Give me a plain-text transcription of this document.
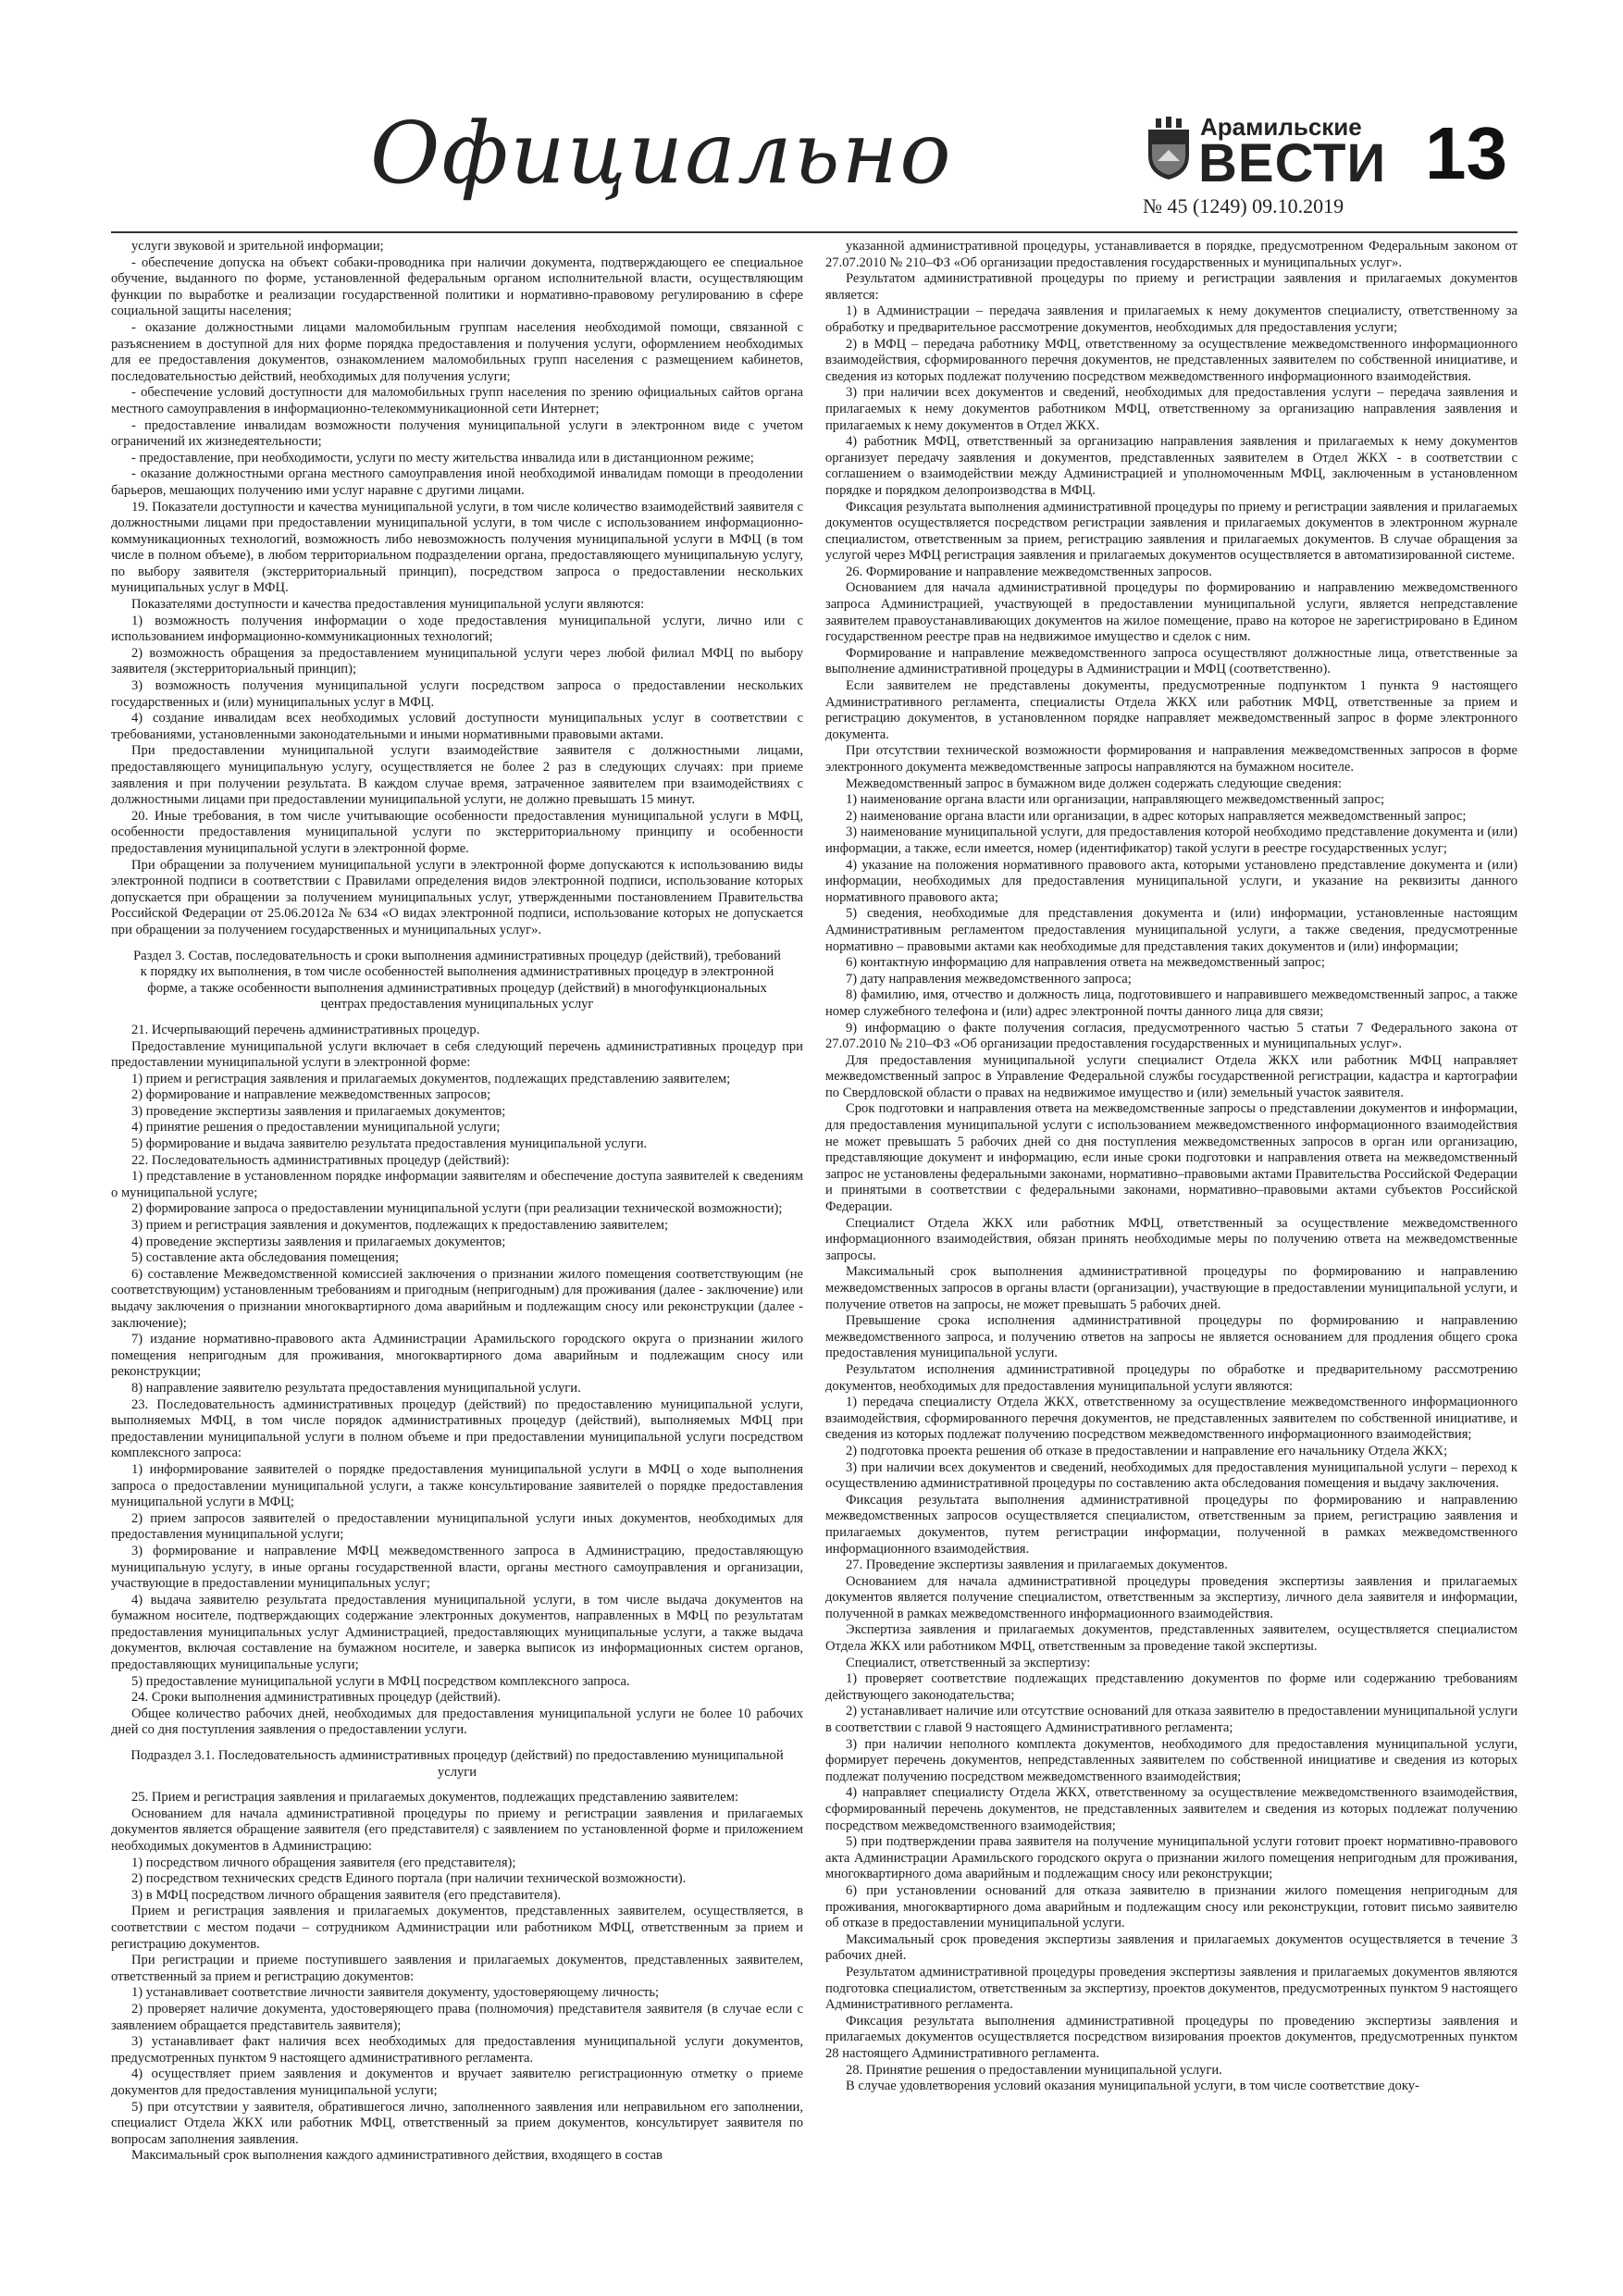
Официально	Арамильские
ВЕСТИ
№ 45 (1249) 09.10.2019
13

услуги звуковой и зрительной информации;

- обеспечение допуска на объект собаки-проводника при наличии документа, подтверждающего ее специальное обучение, выданного по форме, установленной федеральным органом исполнительной власти, осуществляющим функции по выработке и реализации государственной политики и нормативно-правовому регулированию в сфере социальной защиты населения;

- оказание должностными лицами маломобильным группам населения необходимой помощи, связанной с разъяснением в доступной для них форме порядка предоставления и получения услуги, оформлением необходимых для ее предоставления документов, ознакомлением маломобильных групп населения с размещением кабинетов, последовательностью действий, необходимых для получения услуги;

- обеспечение условий доступности для маломобильных групп населения по зрению официальных сайтов органа местного самоуправления в информационно-телекоммуникационной сети Интернет;

- предоставление инвалидам возможности получения муниципальной услуги в электронном виде с учетом ограничений их жизнедеятельности;

- предоставление, при необходимости, услуги по месту жительства инвалида или в дистанционном режиме;

- оказание должностными органа местного самоуправления иной необходимой инвалидам помощи в преодолении барьеров, мешающих получению ими услуг наравне с другими лицами.

19. Показатели доступности и качества муниципальной услуги, в том числе количество взаимодействий заявителя с должностными лицами при предоставлении муниципальной услуги, в том числе с использованием информационно-коммуникационных технологий, возможность либо невозможность получения муниципальной услуги в МФЦ (в том числе в полном объеме), в любом территориальном подразделении органа, предоставляющего муниципальную услугу, по выбору заявителя (экстерриториальный принцип), посредством запроса о предоставлении нескольких муниципальных услуг в МФЦ.

Показателями доступности и качества предоставления муниципальной услуги являются:

1) возможность получения информации о ходе предоставления муниципальной услуги, лично или с использованием информационно-коммуникационных технологий;

2) возможность обращения за предоставлением муниципальной услуги через любой филиал МФЦ по выбору заявителя (экстерриториальный принцип);

3) возможность получения муниципальной услуги посредством запроса о предоставлении нескольких государственных и (или) муниципальных услуг в МФЦ.

4) создание инвалидам всех необходимых условий доступности муниципальных услуг в соответствии с требованиями, установленными законодательными и иными нормативными правовыми актами.

При предоставлении муниципальной услуги взаимодействие заявителя с должностными лицами, предоставляющего муниципальную услугу, осуществляется не более 2 раз в следующих случаях: при приеме заявления и при получении результата. В каждом случае время, затраченное заявителем при взаимодействиях с должностными лицами при предоставлении муниципальной услуги, не должно превышать 15 минут.

20. Иные требования, в том числе учитывающие особенности предоставления муниципальной услуги в МФЦ, особенности предоставления муниципальной услуги по экстерриториальному принципу и особенности предоставления муниципальной услуги в электронной форме.

При обращении за получением муниципальной услуги в электронной форме допускаются к использованию виды электронной подписи в соответствии с Правилами определения видов электронной подписи, использование которых допускается при обращении за получением муниципальных услуг, утвержденными постановлением Правительства Российской Федерации от 25.06.2012а № 634 «О видах электронной подписи, использование которых не допускается при обращении за получением государственных и муниципальных услуг».

Раздел 3. Состав, последовательность и сроки выполнения административных процедур (действий), требований к порядку их выполнения, в том числе особенностей выполнения административных процедур в электронной форме, а также особенности выполнения административных процедур (действий) в многофункциональных центрах предоставления муниципальных услуг

21. Исчерпывающий перечень административных процедур.

Предоставление муниципальной услуги включает в себя следующий перечень административных процедур при предоставлении муниципальной услуги в электронной форме:

1) прием и регистрация заявления и прилагаемых документов, подлежащих представлению заявителем;

2) формирование и направление межведомственных запросов;

3) проведение экспертизы заявления и прилагаемых документов;

4) принятие решения о предоставлении муниципальной услуги;

5) формирование и выдача заявителю результата предоставления муниципальной услуги.

22. Последовательность административных процедур (действий):

1) представление в установленном порядке информации заявителям и обеспечение доступа заявителей к сведениям о муниципальной услуге;

2) формирование запроса о предоставлении муниципальной услуги (при реализации технической возможности);

3) прием и регистрация заявления и документов, подлежащих к предоставлению заявителем;

4) проведение экспертизы заявления и прилагаемых документов;

5) составление акта обследования помещения;

6) составление Межведомственной комиссией заключения о признании жилого помещения соответствующим (не соответствующим) установленным требованиям и пригодным (непригодным) для проживания (далее - заключение) или выдачу заключения о признании многоквартирного дома аварийным и подлежащим сносу или реконструкции (далее - заключение);

7) издание нормативно-правового акта Администрации Арамильского городского округа о признании жилого помещения непригодным для проживания, многоквартирного дома аварийным и подлежащим сносу или реконструкции;

8) направление заявителю результата предоставления муниципальной услуги.

23. Последовательность административных процедур (действий) по предоставлению муниципальной услуги, выполняемых МФЦ, в том числе порядок административных процедур (действий), выполняемых МФЦ при предоставлении муниципальной услуги в полном объеме и при предоставлении муниципальной услуги посредством комплексного запроса:

1) информирование заявителей о порядке предоставления муниципальной услуги в МФЦ о ходе выполнения запроса о предоставлении муниципальной услуги, а также консультирование заявителей о порядке предоставления муниципальной услуги в МФЦ;

2) прием запросов заявителей о предоставлении муниципальной услуги иных документов, необходимых для предоставления муниципальной услуги;

3) формирование и направление МФЦ межведомственного запроса в Администрацию, предоставляющую муниципальную услугу, в иные органы государственной власти, органы местного самоуправления и организации, участвующие в предоставлении муниципальных услуг;

4) выдача заявителю результата предоставления муниципальной услуги, в том числе выдача документов на бумажном носителе, подтверждающих содержание электронных документов, направленных в МФЦ по результатам предоставления муниципальных услуг Администрацией, предоставляющих муниципальные услуги, а также выдача документов, включая составление на бумажном носителе, и заверка выписок из информационных систем органов, предоставляющих муниципальные услуги;

5) предоставление муниципальной услуги в МФЦ посредством комплексного запроса.

24. Сроки выполнения административных процедур (действий).

Общее количество рабочих дней, необходимых для предоставления муниципальной услуги не более 10 рабочих дней со дня поступления заявления о предоставлении услуги.

Подраздел 3.1. Последовательность административных процедур (действий) по предоставлению муниципальной услуги

25. Прием и регистрация заявления и прилагаемых документов, подлежащих представлению заявителем:

Основанием для начала административной процедуры по приему и регистрации заявления и прилагаемых документов является обращение заявителя (его представителя) с заявлением по установленной форме и приложением необходимых документов в Администрацию:

1) посредством личного обращения заявителя (его представителя);

2) посредством технических средств Единого портала (при наличии технической возможности).

3) в МФЦ посредством личного обращения заявителя (его представителя).

Прием и регистрация заявления и прилагаемых документов, представленных заявителем, осуществляется, в соответствии с местом подачи – сотрудником Администрации или работником МФЦ, ответственным за прием и регистрацию документов.

При регистрации и приеме поступившего заявления и прилагаемых документов, представленных заявителем, ответственный за прием и регистрацию документов:

1) устанавливает соответствие личности заявителя документу, удостоверяющему личность;

2) проверяет наличие документа, удостоверяющего права (полномочия) представителя заявителя (в случае если с заявлением обращается представитель заявителя);

3) устанавливает факт наличия всех необходимых для предоставления муниципальной услуги документов, предусмотренных пунктом 9 настоящего административного регламента.

4) осуществляет прием заявления и документов и вручает заявителю регистрационную отметку о приеме документов для предоставления муниципальной услуги;

5) при отсутствии у заявителя, обратившегося лично, заполненного заявления или неправильном его заполнении, специалист Отдела ЖКХ или работник МФЦ, ответственный за прием документов, консультирует заявителя по вопросам заполнения заявления.

Максимальный срок выполнения каждого административного действия, входящего в состав

указанной административной процедуры, устанавливается в порядке, предусмотренном Федеральным законом от 27.07.2010 № 210–ФЗ «Об организации предоставления государственных и муниципальных услуг».

Результатом административной процедуры по приему и регистрации заявления и прилагаемых документов является:

1) в Администрации – передача заявления и прилагаемых к нему документов специалисту, ответственному за обработку и предварительное рассмотрение документов, необходимых для предоставления услуги;

2) в МФЦ – передача работнику МФЦ, ответственному за осуществление межведомственного информационного взаимодействия, сформированного перечня документов, не представленных заявителем по собственной инициативе, и сведения из которых подлежат получению посредством межведомственного информационного взаимодействия.

3) при наличии всех документов и сведений, необходимых для предоставления услуги – передача заявления и прилагаемых к нему документов работником МФЦ, ответственному за организацию направления заявления и прилагаемых к нему документов в Отдел ЖКХ.

4) работник МФЦ, ответственный за организацию направления заявления и прилагаемых к нему документов организует передачу заявления и документов, представленных заявителем в Отдел ЖКХ - в соответствии с соглашением о взаимодействии между Администрацией и уполномоченным МФЦ, заключенным в установленном порядке и порядком делопроизводства в МФЦ.

Фиксация результата выполнения административной процедуры по приему и регистрации заявления и прилагаемых документов осуществляется посредством регистрации заявления и прилагаемых документов в электронном журнале специалистом, ответственным за прием, регистрацию заявления и прилагаемых документов. В случае обращения за услугой через МФЦ регистрация заявления и прилагаемых документов осуществляется в автоматизированной системе.

26. Формирование и направление межведомственных запросов.

Основанием для начала административной процедуры по формированию и направлению межведомственного запроса Администрацией, участвующей в предоставлении муниципальной услуги, является непредставление заявителем правоустанавливающих документов на жилое помещение, право на которое не зарегистрировано в Едином государственном реестре прав на недвижимое имущество и сделок с ним.

Формирование и направление межведомственного запроса осуществляют должностные лица, ответственные за выполнение административной процедуры в Администрации и МФЦ (соответственно).

Если заявителем не представлены документы, предусмотренные подпунктом 1 пункта 9 настоящего Административного регламента, специалисты Отдела ЖКХ или работник МФЦ, ответственные за прием и регистрацию документов, в установленном порядке направляет межведомственный запрос в форме электронного документа.

При отсутствии технической возможности формирования и направления межведомственных запросов в форме электронного документа межведомственные запросы направляются на бумажном носителе.

Межведомственный запрос в бумажном виде должен содержать следующие сведения:

1) наименование органа власти или организации, направляющего межведомственный запрос;

2) наименование органа власти или организации, в адрес которых направляется межведомственный запрос;

3) наименование муниципальной услуги, для предоставления которой необходимо представление документа и (или) информации, а также, если имеется, номер (идентификатор) такой услуги в реестре государственных услуг;

4) указание на положения нормативного правового акта, которыми установлено представление документа и (или) информации, необходимых для предоставления муниципальной услуги, и указание на реквизиты данного нормативного правового акта;

5) сведения, необходимые для представления документа и (или) информации, установленные настоящим Административным регламентом предоставления муниципальной услуги, а также сведения, предусмотренные нормативно – правовыми актами как необходимые для представления таких документов и (или) информации;

6) контактную информацию для направления ответа на межведомственный запрос;

7) дату направления межведомственного запроса;

8) фамилию, имя, отчество и должность лица, подготовившего и направившего межведомственный запрос, а также номер служебного телефона и (или) адрес электронной почты данного лица для связи;

9) информацию о факте получения согласия, предусмотренного частью 5 статьи 7 Федерального закона от 27.07.2010 № 210–ФЗ «Об организации предоставления государственных и муниципальных услуг».

Для предоставления муниципальной услуги специалист Отдела ЖКХ или работник МФЦ направляет межведомственный запрос в Управление Федеральной службы государственной регистрации, кадастра и картографии по Свердловской области о правах на недвижимое имущество и (или) земельный участок заявителя.

Срок подготовки и направления ответа на межведомственные запросы о представлении документов и информации, для предоставления муниципальной услуги с использованием межведомственного информационного взаимодействия не может превышать 5 рабочих дней со дня поступления межведомственных запросов в орган или организацию, представляющие документ и информацию, если иные сроки подготовки и направления ответа на межведомственный запрос не установлены федеральными законами, нормативно–правовыми актами Правительства Российской Федерации и принятыми в соответствии с федеральными законами, нормативно–правовыми актами субъектов Российской Федерации.

Специалист Отдела ЖКХ или работник МФЦ, ответственный за осуществление межведомственного информационного взаимодействия, обязан принять необходимые меры по получению ответа на межведомственные запросы.

Максимальный срок выполнения административной процедуры по формированию и направлению межведомственных запросов в органы власти (организации), участвующие в предоставлении муниципальной услуги, и получение ответов на запросы, не может превышать 5 рабочих дней.

Превышение срока исполнения административной процедуры по формированию и направлению межведомственного запроса, и получению ответов на запросы не является основанием для продления общего срока предоставления муниципальной услуги.

Результатом исполнения административной процедуры по обработке и предварительному рассмотрению документов, необходимых для предоставления муниципальной услуги являются:

1) передача специалисту Отдела ЖКХ, ответственному за осуществление межведомственного информационного взаимодействия, сформированного перечня документов, не представленных заявителем по собственной инициативе, и сведения из которых подлежат получению посредством межведомственного информационного взаимодействия;

2) подготовка проекта решения об отказе в предоставлении и направление его начальнику Отдела ЖКХ;

3) при наличии всех документов и сведений, необходимых для предоставления муниципальной услуги – переход к осуществлению административной процедуры по составлению акта обследования помещения и выдачу заключения.

Фиксация результата выполнения административной процедуры по формированию и направлению межведомственных запросов осуществляется специалистом, ответственным за прием, регистрацию заявления и прилагаемых документов, путем регистрации информации, полученной в рамках межведомственного информационного взаимодействия.

27. Проведение экспертизы заявления и прилагаемых документов.

Основанием для начала административной процедуры проведения экспертизы заявления и прилагаемых документов является получение специалистом, ответственным за экспертизу, личного дела заявителя и информации, полученной в рамках межведомственного информационного взаимодействия.

Экспертиза заявления и прилагаемых документов, представленных заявителем, осуществляется специалистом Отдела ЖКХ или работником МФЦ, ответственным за проведение такой экспертизы.

Специалист, ответственный за экспертизу:

1) проверяет соответствие подлежащих представлению документов по форме или содержанию требованиям действующего законодательства;

2) устанавливает наличие или отсутствие оснований для отказа заявителю в предоставлении муниципальной услуги в соответствии с главой 9 настоящего Административного регламента;

3) при наличии неполного комплекта документов, необходимого для предоставления муниципальной услуги, формирует перечень документов, непредставленных заявителем по собственной инициативе и сведения из которых подлежат получению посредством межведомственного взаимодействия;

4) направляет специалисту Отдела ЖКХ, ответственному за осуществление межведомственного взаимодействия, сформированный перечень документов, не представленных заявителем и сведения из которых подлежат получению посредством межведомственного взаимодействия;

5) при подтверждении права заявителя на получение муниципальной услуги готовит проект нормативно-правового акта Администрации Арамильского городского округа о признании жилого помещения непригодным для проживания, многоквартирного дома аварийным и подлежащим сносу или реконструкции;

6) при установлении оснований для отказа заявителю в признании жилого помещения непригодным для проживания, многоквартирного дома аварийным и подлежащим сносу или реконструкции, готовит письмо заявителю об отказе в предоставлении муниципальной услуги.

Максимальный срок проведения экспертизы заявления и прилагаемых документов осуществляется в течение 3 рабочих дней.

Результатом административной процедуры проведения экспертизы заявления и прилагаемых документов являются подготовка специалистом, ответственным за экспертизу, проектов документов, предусмотренных пунктом 9 настоящего Административного регламента.

Фиксация результата выполнения административной процедуры по проведению экспертизы заявления и прилагаемых документов осуществляется посредством визирования проектов документов, предусмотренных пунктом 28 настоящего Административного регламента.

28. Принятие решения о предоставлении муниципальной услуги.

В случае удовлетворения условий оказания муниципальной услуги, в том числе соответствие доку-
